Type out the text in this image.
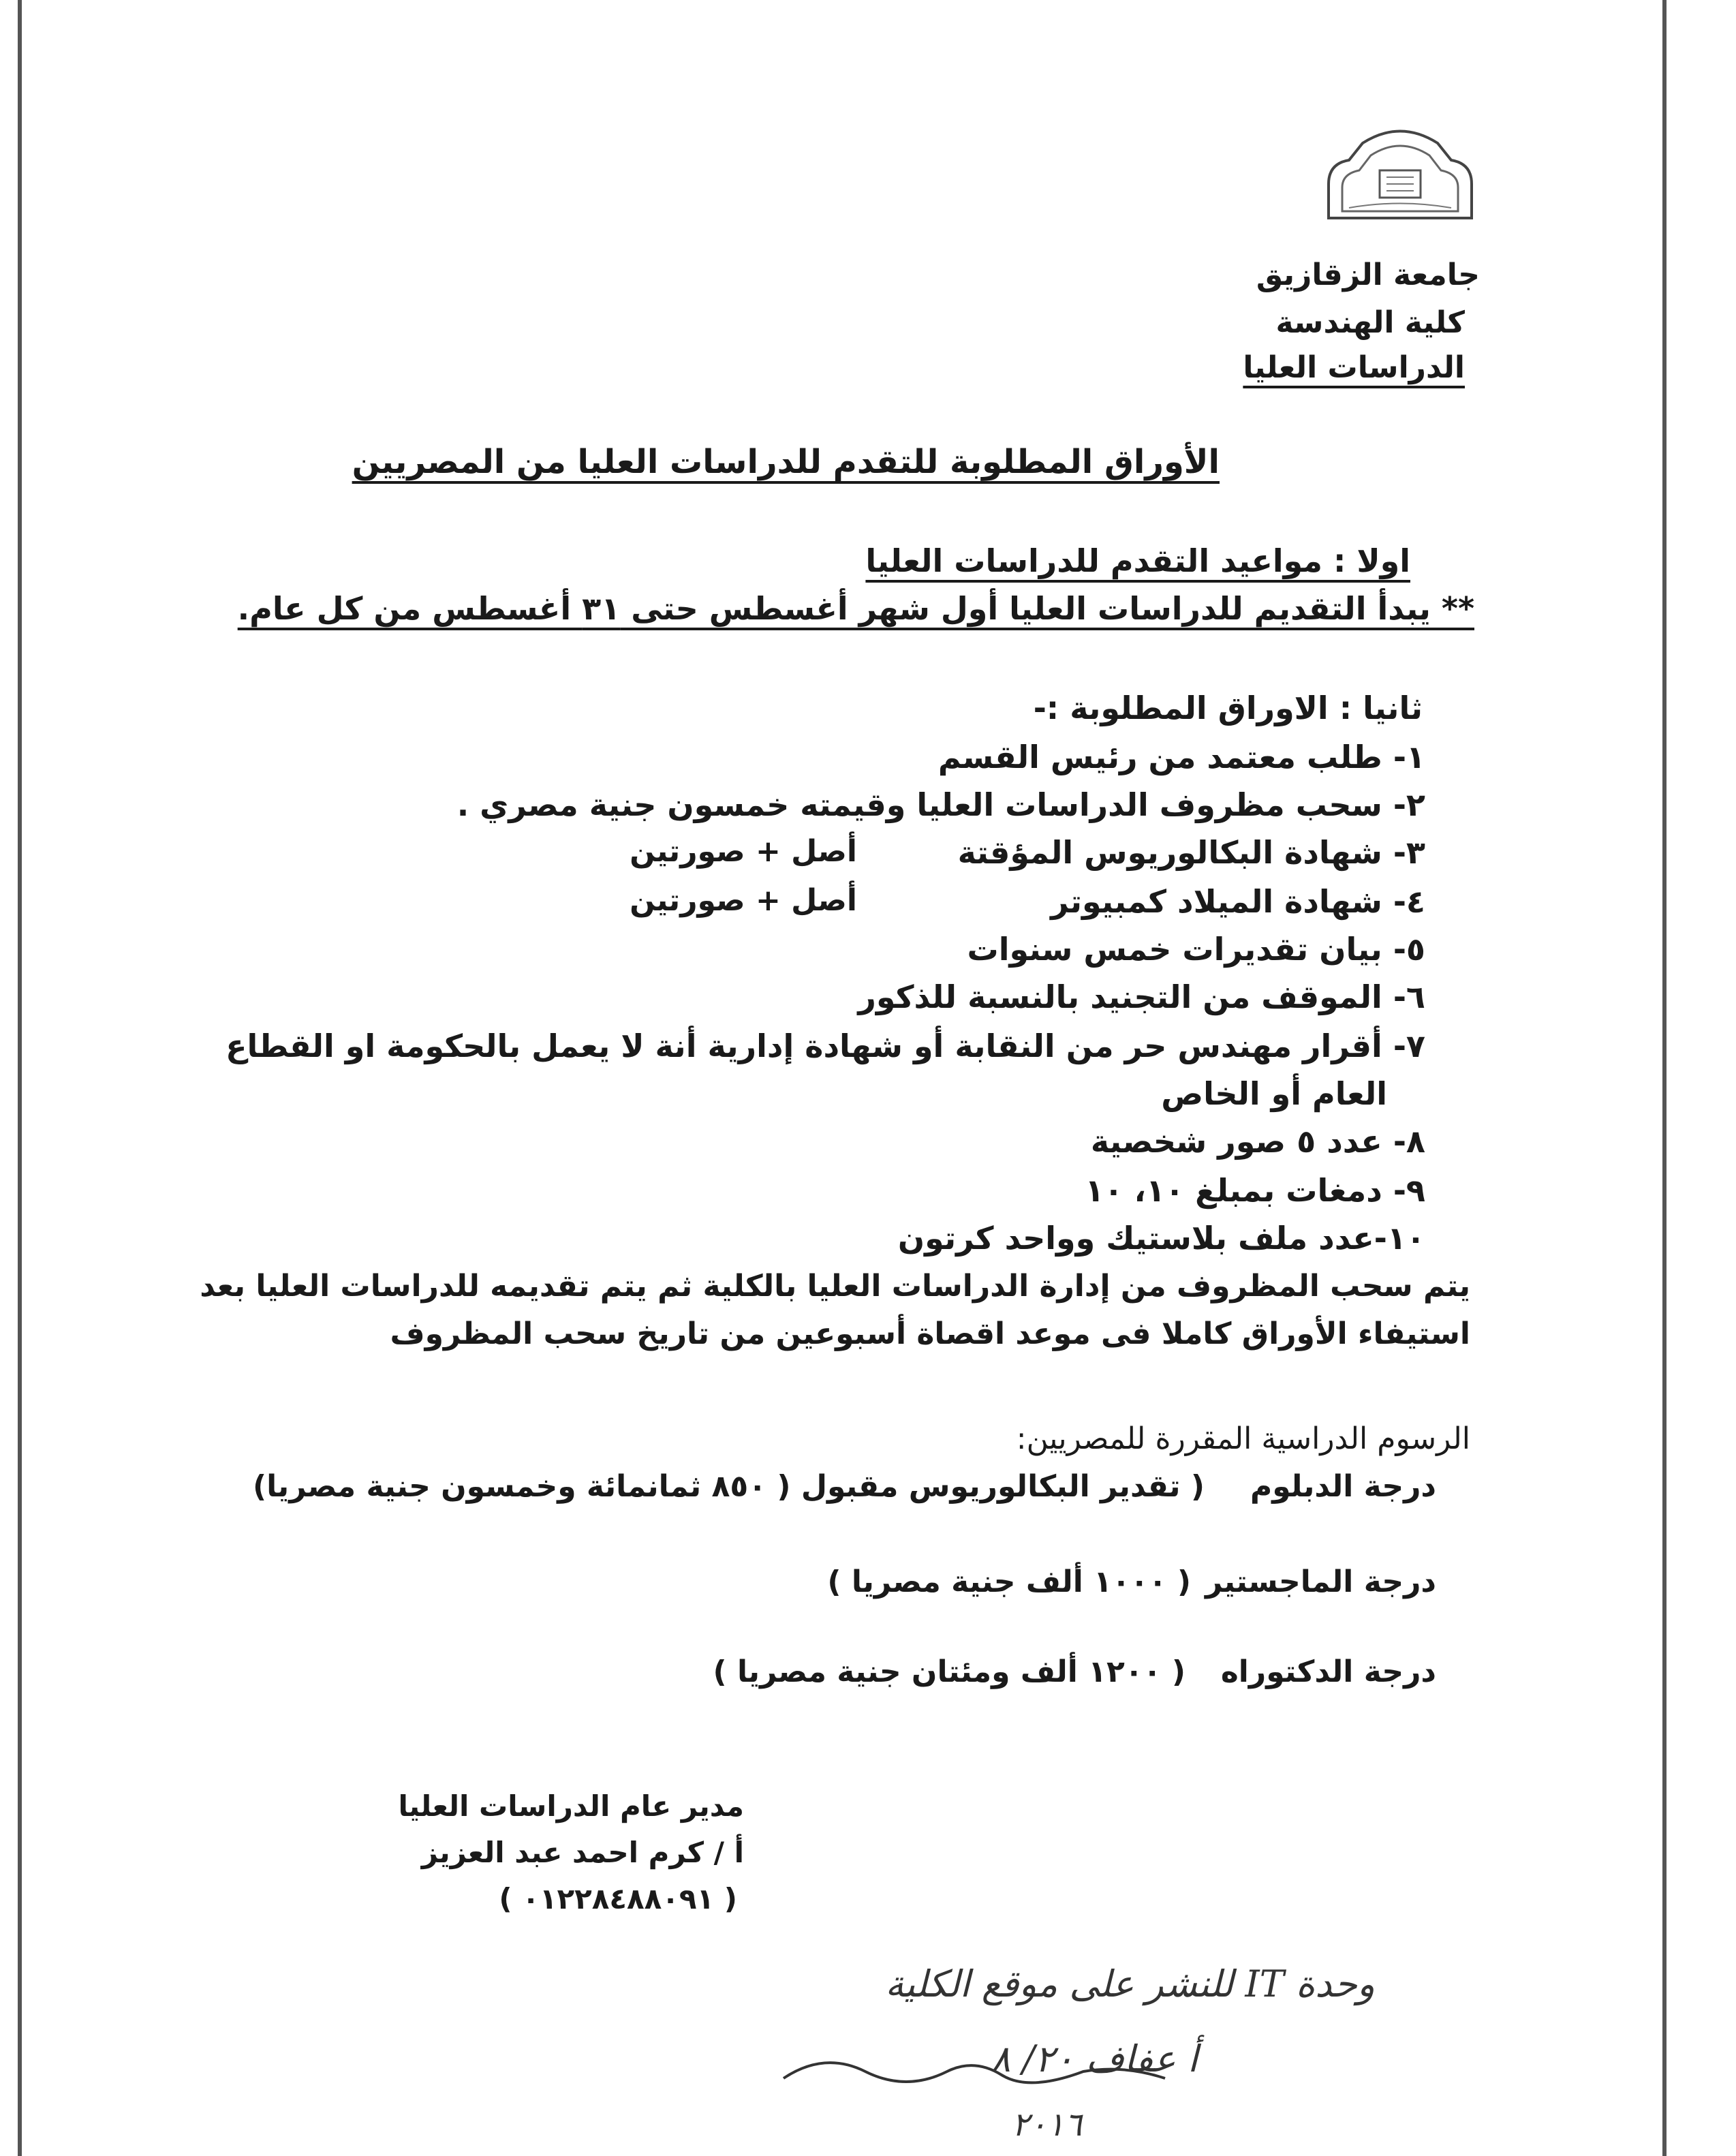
جامعة الزقازيق
كلية الهندسة
الدراسات العليا
الأوراق المطلوبة للتقدم للدراسات العليا من المصريين
اولا : مواعيد التقدم للدراسات العليا
** يبدأ التقديم للدراسات العليا أول شهر أغسطس حتى ٣١ أغسطس من كل عام.
ثانيا : الاوراق المطلوبة :-
١- طلب معتمد من رئيس القسم
٢- سحب مظروف الدراسات العليا وقيمته خمسون جنية مصري .
٣- شهادة البكالوريوس المؤقتة
أصل + صورتين
٤- شهادة الميلاد كمبيوتر
أصل + صورتين
٥- بيان تقديرات خمس سنوات
٦- الموقف من التجنيد بالنسبة للذكور
٧- أقرار مهندس حر من النقابة أو شهادة إدارية أنة لا يعمل بالحكومة او القطاع
العام أو الخاص
٨- عدد ٥ صور شخصية
٩- دمغات بمبلغ ١٠، ١٠
١٠-عدد ملف بلاستيك وواحد كرتون
يتم سحب المظروف من إدارة الدراسات العليا بالكلية ثم يتم تقديمه للدراسات العليا بعد
استيفاء الأوراق كاملا فى موعد اقصاة أسبوعين من تاريخ سحب المظروف
الرسوم الدراسية المقررة للمصريين:
درجة الدبلوم
( تقدير البكالوريوس مقبول ( ٨٥٠ ثمانمائة وخمسون جنية مصريا)
درجة الماجستير
( ١٠٠٠ ألف جنية مصريا )
درجة الدكتوراه
( ١٢٠٠ ألف ومئتان جنية مصريا )
مدير عام الدراسات العليا
أ / كرم احمد عبد العزيز
( ٠١٢٢٨٤٨٨٠٩١ )
وحدة IT للنشر على موقع الكلية
أ عفاف ٢٠/ ٨
٢٠١٦
